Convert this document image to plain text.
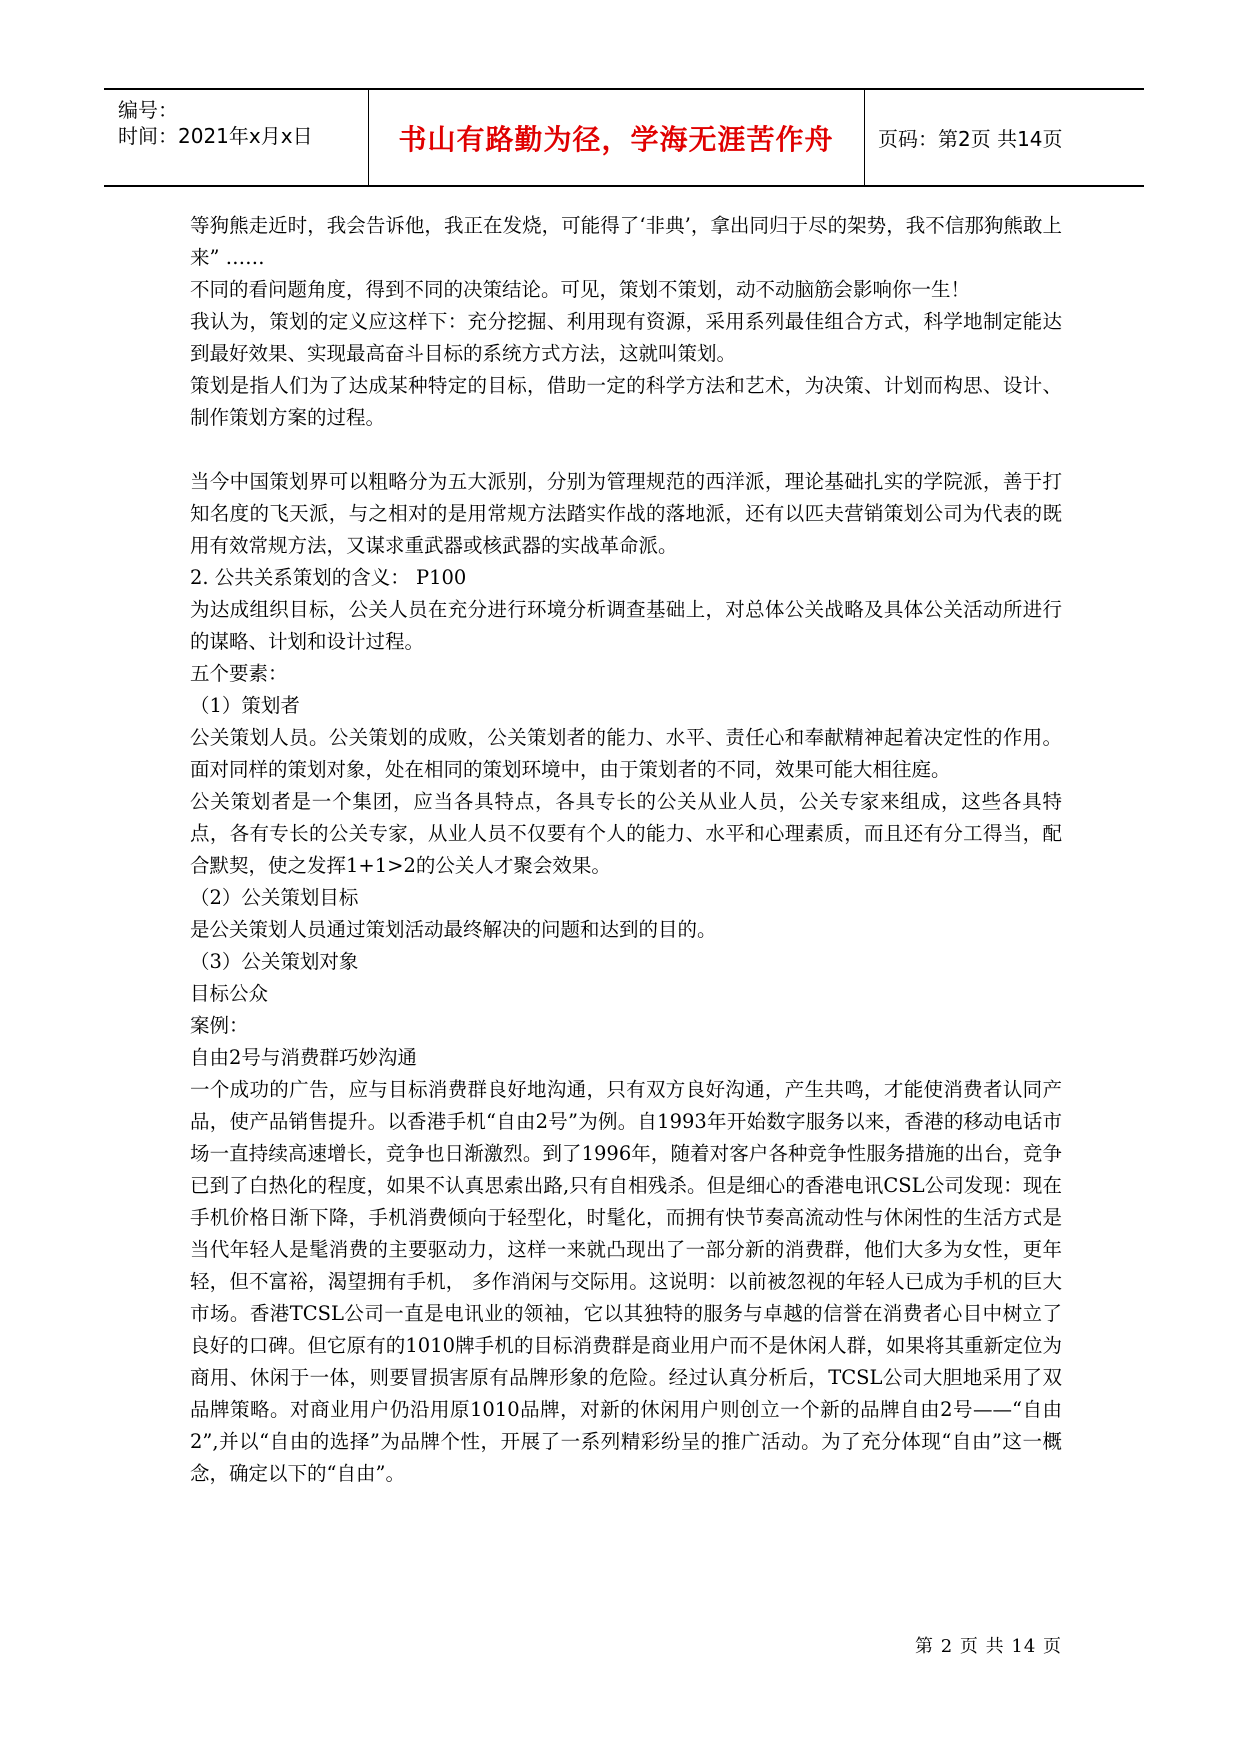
编号：
时间：2021年x月x日	书山有路勤为径，学海无涯苦作舟 页码：第2页 共14页

等狗熊走近时，我会告诉他，我正在发烧，可能得了‘非典’，拿出同归于尽的架势，我不信那狗熊敢上来” ……

不同的看问题角度，得到不同的决策结论。可见，策划不策划，动不动脑筋会影响你一生！

我认为，策划的定义应这样下：充分挖掘、利用现有资源，采用系列最佳组合方式，科学地制定能达到最好效果、实现最高奋斗目标的系统方式方法，这就叫策划。

策划是指人们为了达成某种特定的目标，借助一定的科学方法和艺术，为决策、计划而构思、设计、制作策划方案的过程。

当今中国策划界可以粗略分为五大派别，分别为管理规范的西洋派，理论基础扎实的学院派，善于打知名度的飞天派，与之相对的是用常规方法踏实作战的落地派，还有以匹夫营销策划公司为代表的既用有效常规方法，又谋求重武器或核武器的实战革命派。

2. 公共关系策划的含义： P100

为达成组织目标，公关人员在充分进行环境分析调查基础上，对总体公关战略及具体公关活动所进行的谋略、计划和设计过程。

五个要素：

（1）策划者

公关策划人员。公关策划的成败，公关策划者的能力、水平、责任心和奉献精神起着决定性的作用。面对同样的策划对象，处在相同的策划环境中，由于策划者的不同，效果可能大相往庭。

公关策划者是一个集团，应当各具特点，各具专长的公关从业人员，公关专家来组成，这些各具特点，各有专长的公关专家，从业人员不仅要有个人的能力、水平和心理素质，而且还有分工得当，配合默契，使之发挥1+1>2的公关人才聚会效果。

（2）公关策划目标

是公关策划人员通过策划活动最终解决的问题和达到的目的。

（3）公关策划对象

目标公众

案例：

自由2号与消费群巧妙沟通

一个成功的广告，应与目标消费群良好地沟通，只有双方良好沟通，产生共鸣，才能使消费者认同产品，使产品销售提升。以香港手机“自由2号”为例。自1993年开始数字服务以来，香港的移动电话市场一直持续高速增长，竞争也日渐激烈。到了1996年，随着对客户各种竞争性服务措施的出台，竞争已到了白热化的程度，如果不认真思索出路,只有自相残杀。但是细心的香港电讯CSL公司发现：现在手机价格日渐下降，手机消费倾向于轻型化，时髦化，而拥有快节奏高流动性与休闲性的生活方式是当代年轻人是髦消费的主要驱动力，这样一来就凸现出了一部分新的消费群，他们大多为女性，更年轻，但不富裕，渴望拥有手机， 多作消闲与交际用。这说明：以前被忽视的年轻人已成为手机的巨大市场。香港TCSL公司一直是电讯业的领袖，它以其独特的服务与卓越的信誉在消费者心目中树立了良好的口碑。但它原有的1010牌手机的目标消费群是商业用户而不是休闲人群，如果将其重新定位为商用、休闲于一体，则要冒损害原有品牌形象的危险。经过认真分析后，TCSL公司大胆地采用了双品牌策略。对商业用户仍沿用原1010品牌，对新的休闲用户则创立一个新的品牌自由2号——“自由2”,并以“自由的选择”为品牌个性，开展了一系列精彩纷呈的推广活动。为了充分体现“自由”这一概念，确定以下的“自由”。

第 2 页 共 14 页
